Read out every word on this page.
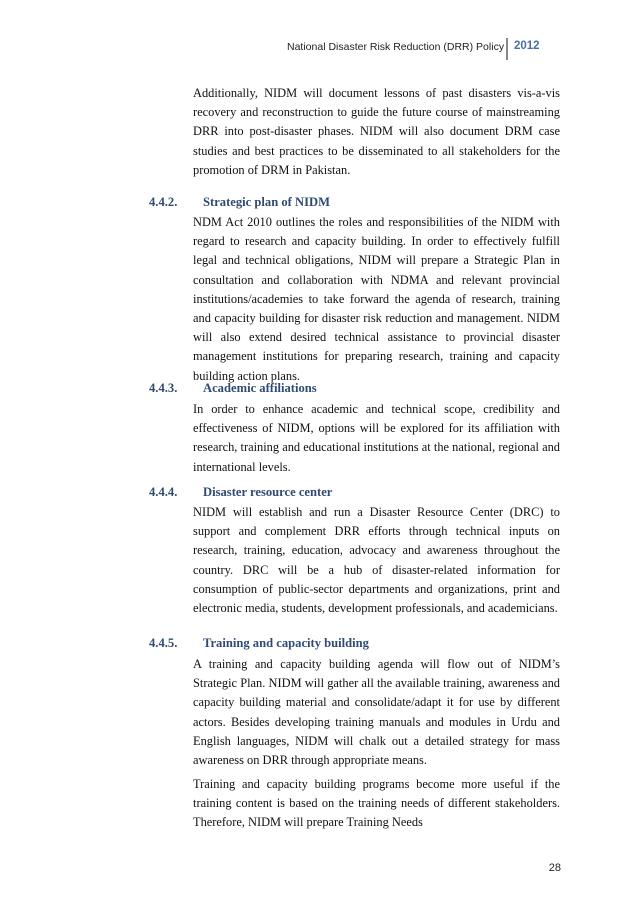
National Disaster Risk Reduction (DRR) Policy 2012

Additionally, NIDM will document lessons of past disasters vis-a-vis recovery and reconstruction to guide the future course of mainstreaming DRR into post-disaster phases. NIDM will also document DRM case studies and best practices to be disseminated to all stakeholders for the promotion of DRM in Pakistan.

4.4.2. Strategic plan of NIDM

NDM Act 2010 outlines the roles and responsibilities of the NIDM with regard to research and capacity building. In order to effectively fulfill legal and technical obligations, NIDM will prepare a Strategic Plan in consultation and collaboration with NDMA and relevant provincial institutions/academies to take forward the agenda of research, training and capacity building for disaster risk reduction and management. NIDM will also extend desired technical assistance to provincial disaster management institutions for preparing research, training and capacity building action plans.

4.4.3. Academic affiliations

In order to enhance academic and technical scope, credibility and effectiveness of NIDM, options will be explored for its affiliation with research, training and educational institutions at the national, regional and international levels.

4.4.4. Disaster resource center

NIDM will establish and run a Disaster Resource Center (DRC) to support and complement DRR efforts through technical inputs on research, training, education, advocacy and awareness throughout the country. DRC will be a hub of disaster-related information for consumption of public-sector departments and organizations, print and electronic media, students, development professionals, and academicians.

4.4.5. Training and capacity building

A training and capacity building agenda will flow out of NIDM’s Strategic Plan. NIDM will gather all the available training, awareness and capacity building material and consolidate/adapt it for use by different actors. Besides developing training manuals and modules in Urdu and English languages, NIDM will chalk out a detailed strategy for mass awareness on DRR through appropriate means.

Training and capacity building programs become more useful if the training content is based on the training needs of different stakeholders. Therefore, NIDM will prepare Training Needs

28
